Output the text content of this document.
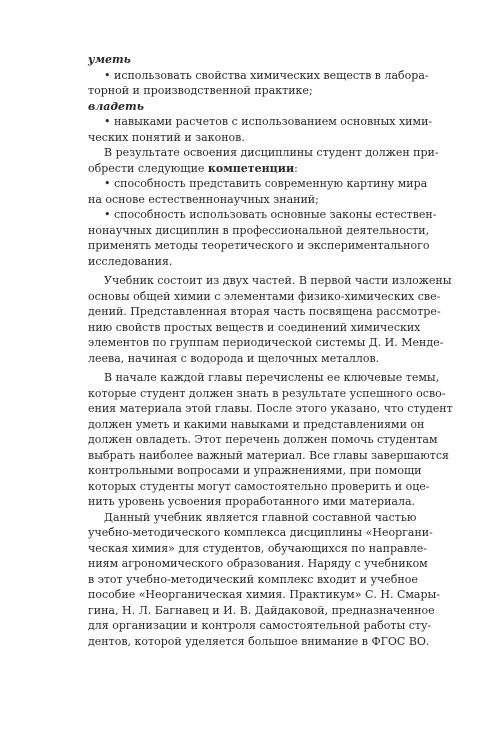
уметь
• использовать свойства химических веществ в лабора-
торной и производственной практике;
владеть
• навыками расчетов с использованием основных хими-
ческих понятий и законов.
В результате освоения дисциплины студент должен при-
обрести следующие компетенции:
• способность представить современную картину мира
на основе естественнонаучных знаний;
• способность использовать основные законы естествен-
нонаучных дисциплин в профессиональной деятельности,
применять методы теоретического и экспериментального
исследования.
Учебник состоит из двух частей. В первой части изложены
основы общей химии с элементами физико-химических све-
дений. Представленная вторая часть посвящена рассмотре-
нию свойств простых веществ и соединений химических
элементов по группам периодической системы Д. И. Менде-
леева, начиная с водорода и щелочных металлов.
В начале каждой главы перечислены ее ключевые темы,
которые студент должен знать в результате успешного осво-
ения материала этой главы. После этого указано, что студент
должен уметь и какими навыками и представлениями он
должен овладеть. Этот перечень должен помочь студентам
выбрать наиболее важный материал. Все главы завершаются
контрольными вопросами и упражнениями, при помощи
которых студенты могут самостоятельно проверить и оце-
нить уровень усвоения проработанного ими материала.
Данный учебник является главной составной частью
учебно-методического комплекса дисциплины «Неоргани-
ческая химия» для студентов, обучающихся по направле-
ниям агрономического образования. Наряду с учебником
в этот учебно-методический комплекс входит и учебное
пособие «Неорганическая химия. Практикум» С. Н. Смары-
гина, Н. Л. Багнавец и И. В. Дайдаковой, предназначенное
для организации и контроля самостоятельной работы сту-
дентов, которой уделяется большое внимание в ФГОС ВО.
